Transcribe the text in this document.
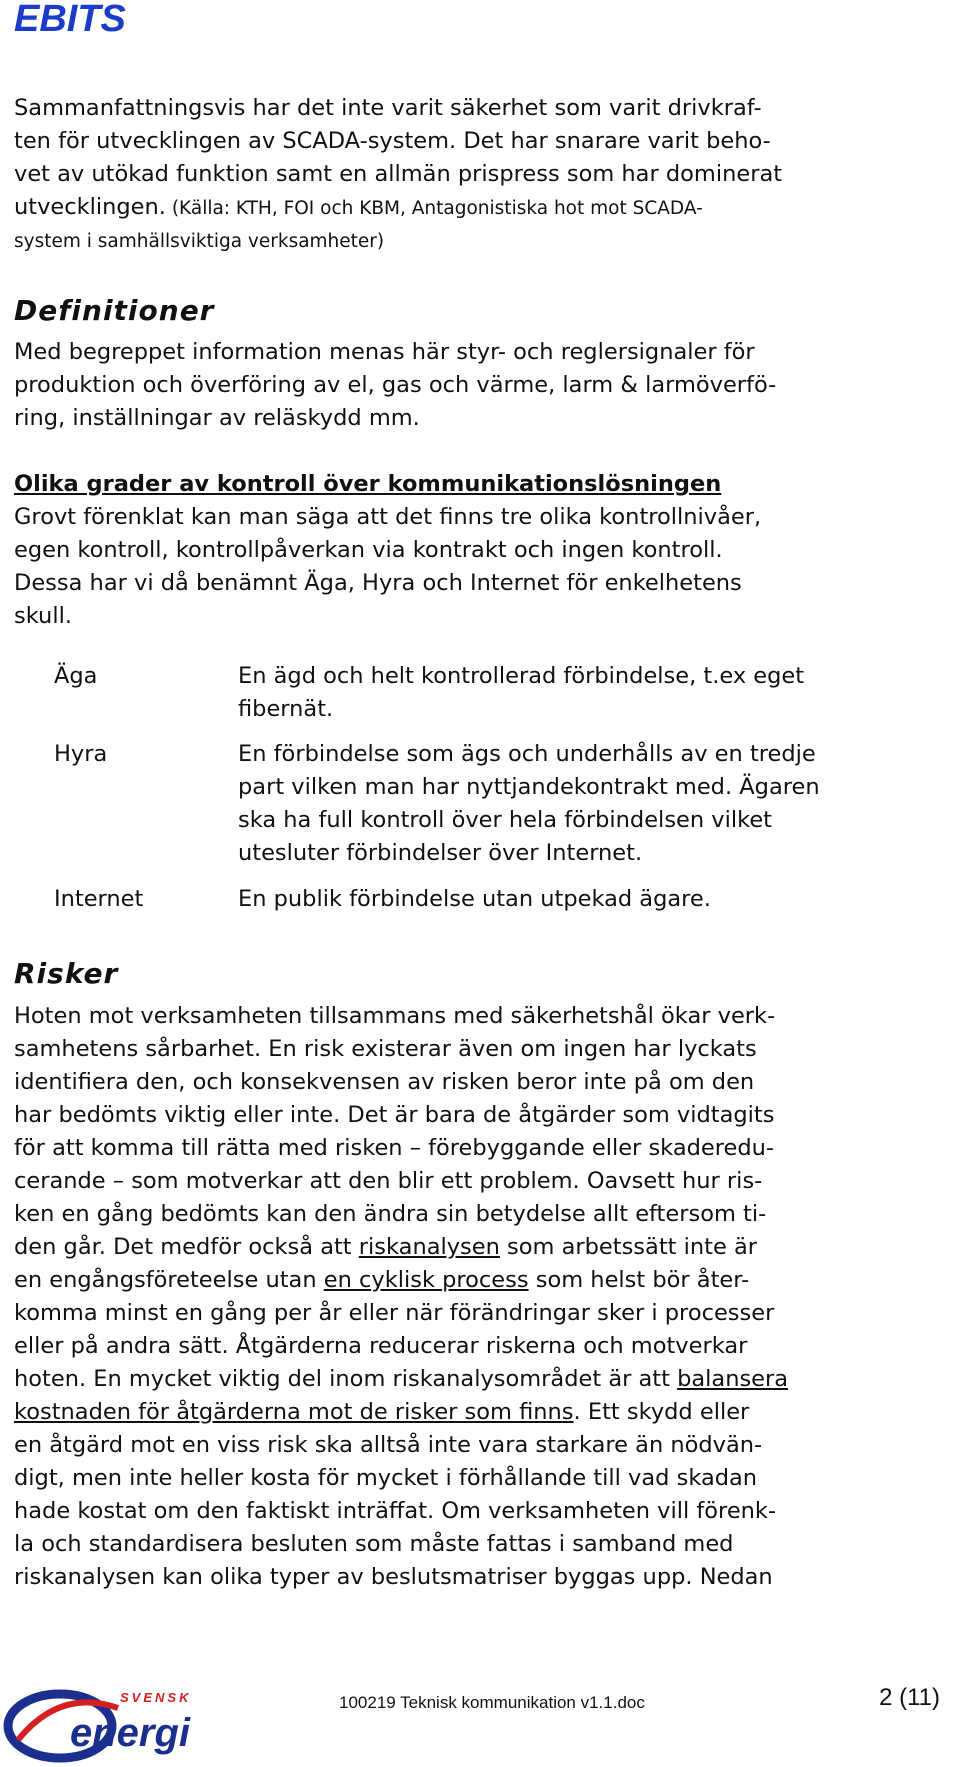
EBITS
Sammanfattningsvis har det inte varit säkerhet som varit drivkraf-
ten för utvecklingen av SCADA-system. Det har snarare varit beho-
vet av utökad funktion samt en allmän prispress som har dominerat
utvecklingen. (Källa: KTH, FOI och KBM, Antagonistiska hot mot SCADA-
system i samhällsviktiga verksamheter)
Definitioner
Med begreppet information menas här styr- och reglersignaler för
produktion och överföring av el, gas och värme, larm & larmöverfö-
ring, inställningar av reläskydd mm.
Olika grader av kontroll över kommunikationslösningen
Grovt förenklat kan man säga att det finns tre olika kontrollnivåer,
egen kontroll, kontrollpåverkan via kontrakt och ingen kontroll.
Dessa har vi då benämnt Äga, Hyra och Internet för enkelhetens
skull.

Äga	En ägd och helt kontrollerad förbindelse, t.ex eget
fibernät.

Hyra	En förbindelse som ägs och underhålls av en tredje
part vilken man har nyttjandekontrakt med. Ägaren
ska ha full kontroll över hela förbindelsen vilket
utesluter förbindelser över Internet.

Internet	En publik förbindelse utan utpekad ägare.
Risker
Hoten mot verksamheten tillsammans med säkerhetshål ökar verk-
samhetens sårbarhet. En risk existerar även om ingen har lyckats
identifiera den, och konsekvensen av risken beror inte på om den
har bedömts viktig eller inte. Det är bara de åtgärder som vidtagits
för att komma till rätta med risken – förebyggande eller skaderedu-
cerande – som motverkar att den blir ett problem. Oavsett hur ris-
ken en gång bedömts kan den ändra sin betydelse allt eftersom ti-
den går. Det medför också att riskanalysen som arbetssätt inte är
en engångsföreteelse utan en cyklisk process som helst bör åter-
komma minst en gång per år eller när förändringar sker i processer
eller på andra sätt. Åtgärderna reducerar riskerna och motverkar
hoten. En mycket viktig del inom riskanalysområdet är att balansera
kostnaden för åtgärderna mot de risker som finns. Ett skydd eller
en åtgärd mot en viss risk ska alltså inte vara starkare än nödvän-
digt, men inte heller kosta för mycket i förhållande till vad skadan
hade kostat om den faktiskt inträffat. Om verksamheten vill förenk-
la och standardisera besluten som måste fattas i samband med
riskanalysen kan olika typer av beslutsmatriser byggas upp. Nedan
SVENSK
energi

100219 Teknisk kommunikation v1.1.doc	2 (11)
